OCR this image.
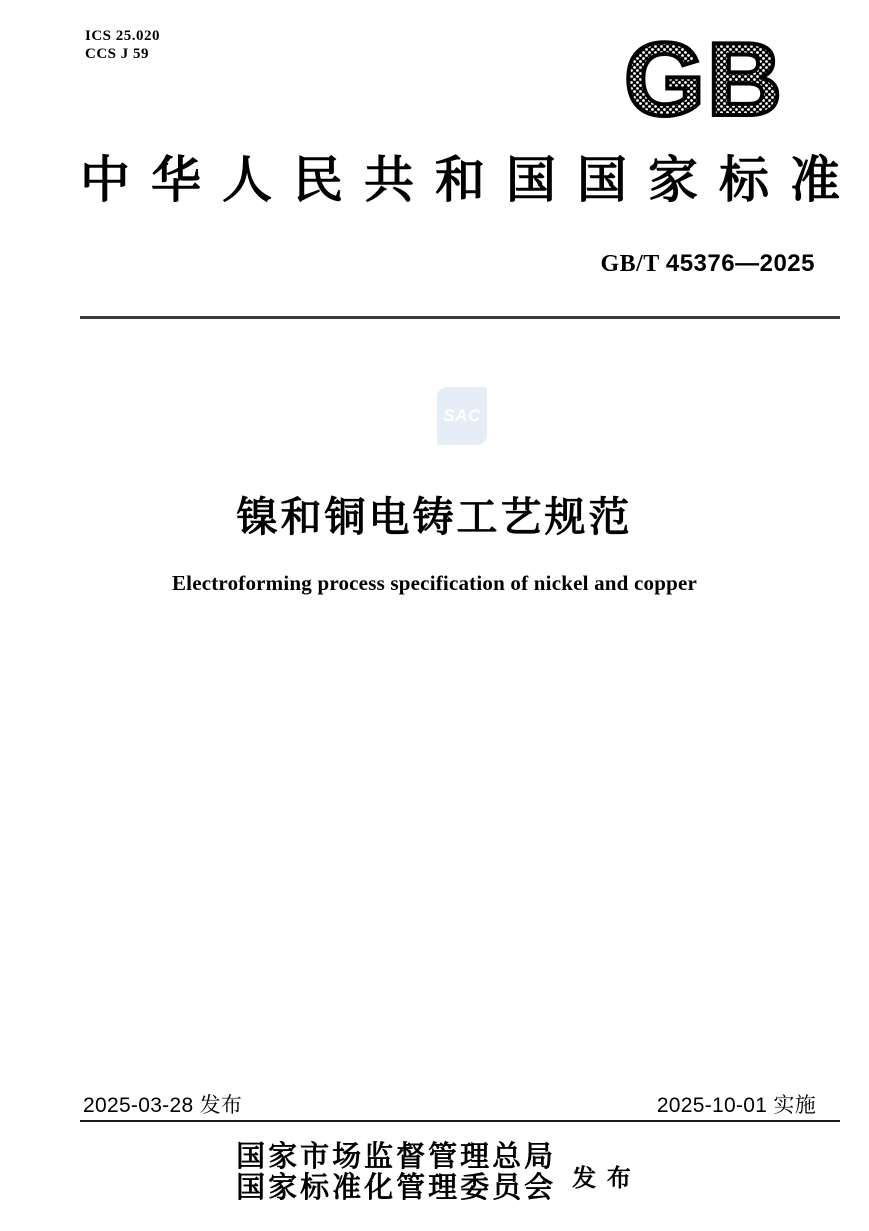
ICS 25.020
CCS J 59	GB
中华人民共和国国家标准
GB/T 45376—2025
SAC
镍和铜电铸工艺规范
Electroforming process specification of nickel and copper
2025-03-28 发布	2025-10-01 实施
国家市场监督管理总局
国家标准化管理委员会 发 布
